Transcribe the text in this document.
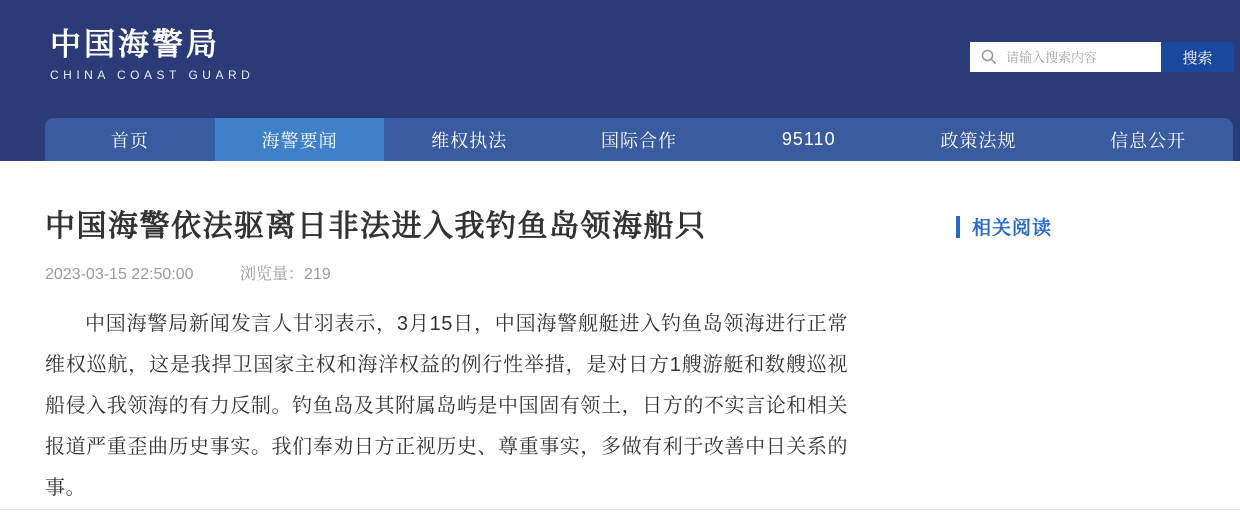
中国海警局
CHINA COAST GUARD
请输入搜索内容
搜索
首页	海警要闻	维权执法	国际合作	95110	政策法规	信息公开
中国海警依法驱离日非法进入我钓鱼岛领海船只
2023-03-15 22:50:00	浏览量：219
相关阅读

中国海警局新闻发言人甘羽表示，3月15日，中国海警舰艇进入钓鱼岛领海进行正常维权巡航，这是我捍卫国家主权和海洋权益的例行性举措，是对日方1艘游艇和数艘巡视船侵入我领海的有力反制。钓鱼岛及其附属岛屿是中国固有领土，日方的不实言论和相关报道严重歪曲历史事实。我们奉劝日方正视历史、尊重事实，多做有利于改善中日关系的事。
